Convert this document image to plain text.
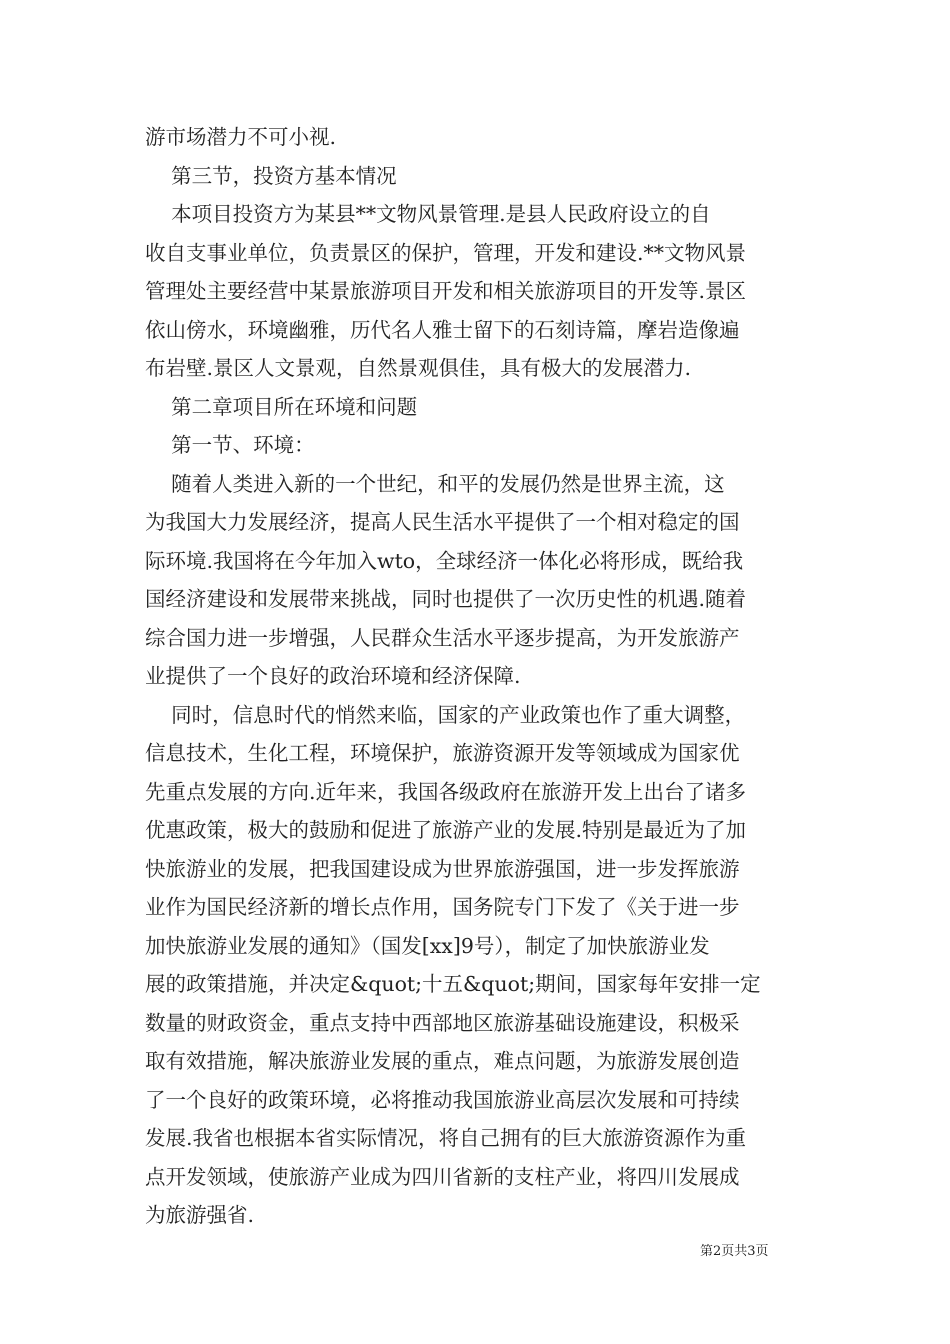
游市场潜力不可小视.
第三节，投资方基本情况
本项目投资方为某县**文物风景管理.是县人民政府设立的自
收自支事业单位，负责景区的保护，管理，开发和建设.**文物风景
管理处主要经营中某景旅游项目开发和相关旅游项目的开发等.景区
依山傍水，环境幽雅，历代名人雅士留下的石刻诗篇，摩岩造像遍
布岩壁.景区人文景观，自然景观俱佳，具有极大的发展潜力.
第二章项目所在环境和问题
第一节、环境：
随着人类进入新的一个世纪，和平的发展仍然是世界主流，这
为我国大力发展经济，提高人民生活水平提供了一个相对稳定的国
际环境.我国将在今年加入wto，全球经济一体化必将形成，既给我
国经济建设和发展带来挑战，同时也提供了一次历史性的机遇.随着
综合国力进一步增强，人民群众生活水平逐步提高，为开发旅游产
业提供了一个良好的政治环境和经济保障.
同时，信息时代的悄然来临，国家的产业政策也作了重大调整，
信息技术，生化工程，环境保护，旅游资源开发等领域成为国家优
先重点发展的方向.近年来，我国各级政府在旅游开发上出台了诸多
优惠政策，极大的鼓励和促进了旅游产业的发展.特别是最近为了加
快旅游业的发展，把我国建设成为世界旅游强国，进一步发挥旅游
业作为国民经济新的增长点作用，国务院专门下发了《关于进一步
加快旅游业发展的通知》（国发[xx]9号），制定了加快旅游业发
展的政策措施，并决定&quot;十五&quot;期间，国家每年安排一定
数量的财政资金，重点支持中西部地区旅游基础设施建设，积极采
取有效措施，解决旅游业发展的重点，难点问题，为旅游发展创造
了一个良好的政策环境，必将推动我国旅游业高层次发展和可持续
发展.我省也根据本省实际情况，将自己拥有的巨大旅游资源作为重
点开发领域，使旅游产业成为四川省新的支柱产业，将四川发展成
为旅游强省.
第2页共3页
